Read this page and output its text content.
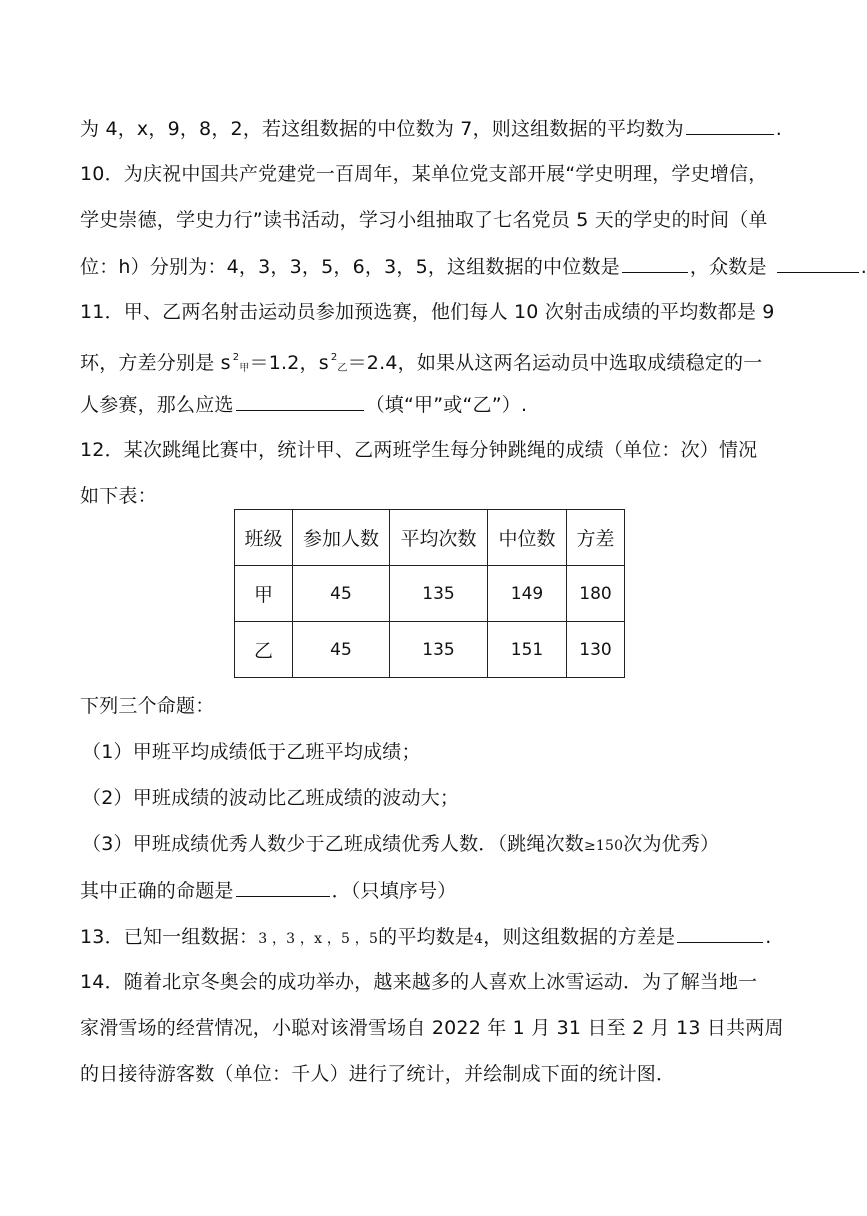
为 4，x，9，8，2，若这组数据的中位数为 7，则这组数据的平均数为	.
10．为庆祝中国共产党建党一百周年，某单位党支部开展“学史明理，学史增信，
学史崇德，学史力行”读书活动，学习小组抽取了七名党员 5 天的学史的时间（单
位：h）分别为：4，3，3，5，6，3，5，这组数据的中位数是	，众数是	.
11．甲、乙两名射击运动员参加预选赛，他们每人 10 次射击成绩的平均数都是 9
环，方差分别是 s $^2_甲$＝1.2，s $^2_乙$＝2.4，如果从这两名运动员中选取成绩稳定的一
人参赛，那么应选	（填“甲”或“乙”）.
12．某次跳绳比赛中，统计甲、乙两班学生每分钟跳绳的成绩（单位：次）情况
如下表：
班级	参加人数	平均次数	中位数	方差
甲	45	135	149	180
乙	45	135	151	130
下列三个命题：
（1）甲班平均成绩低于乙班平均成绩；
（2）甲班成绩的波动比乙班成绩的波动大；
（3）甲班成绩优秀人数少于乙班成绩优秀人数．（跳绳次数≥150次为优秀）
其中正确的命题是	．（只填序号）
13．已知一组数据：3 ，3 ，x ，5 ，5的平均数是4，则这组数据的方差是	.
14．随着北京冬奥会的成功举办，越来越多的人喜欢上冰雪运动．为了解当地一
家滑雪场的经营情况，小聪对该滑雪场自 2022 年 1 月 31 日至 2 月 13 日共两周
的日接待游客数（单位：千人）进行了统计，并绘制成下面的统计图．
